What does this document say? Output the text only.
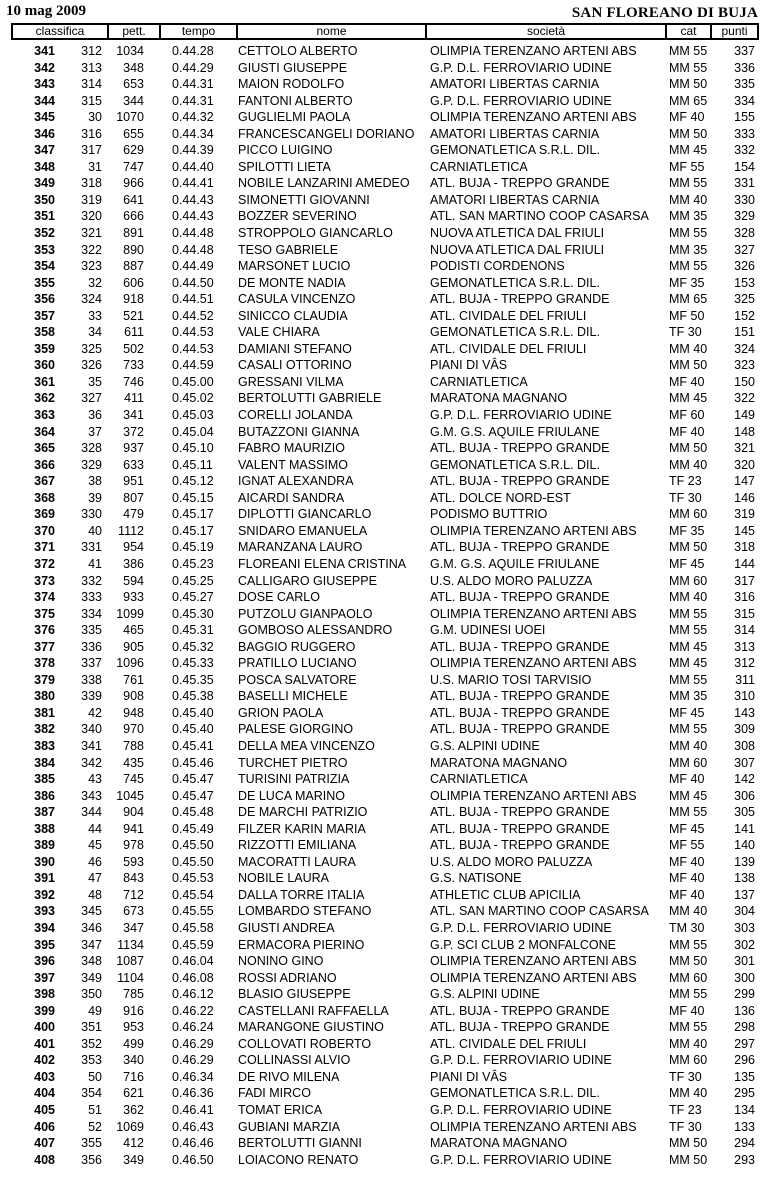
10 mag 2009	SAN FLOREANO DI BUJA
classifica	pett.	tempo	nome	società	cat	punti
341	312	1034 0.44.28	CETTOLO ALBERTO	OLIMPIA TERENZANO ARTENI ABS	MM 55	337
342	313	348 0.44.29	GIUSTI GIUSEPPE	G.P. D.L. FERROVIARIO UDINE	MM 55	336
343	314	653 0.44.31	MAION RODOLFO	AMATORI LIBERTAS CARNIA	MM 50	335
344	315	344 0.44.31	FANTONI ALBERTO	G.P. D.L. FERROVIARIO UDINE	MM 65	334
345	30	1070 0.44.32	GUGLIELMI PAOLA	OLIMPIA TERENZANO ARTENI ABS	MF 40	155
346	316	655 0.44.34	FRANCESCANGELI DORIANO	AMATORI LIBERTAS CARNIA	MM 50	333
347	317	629 0.44.39	PICCO LUIGINO	GEMONATLETICA S.R.L. DIL.	MM 45	332
348	31	747 0.44.40	SPILOTTI LIETA	CARNIATLETICA	MF 55	154
349	318	966 0.44.41	NOBILE LANZARINI AMEDEO	ATL. BUJA - TREPPO GRANDE	MM 55	331
350	319	641 0.44.43	SIMONETTI GIOVANNI	AMATORI LIBERTAS CARNIA	MM 40	330
351	320	666 0.44.43	BOZZER SEVERINO	ATL. SAN MARTINO COOP CASARSA	MM 35	329
352	321	891 0.44.48	STROPPOLO GIANCARLO	NUOVA ATLETICA DAL FRIULI	MM 55	328
353	322	890 0.44.48	TESO GABRIELE	NUOVA ATLETICA DAL FRIULI	MM 35	327
354	323	887 0.44.49	MARSONET LUCIO	PODISTI CORDENONS	MM 55	326
355	32	606 0.44.50	DE MONTE NADIA	GEMONATLETICA S.R.L. DIL.	MF 35	153
356	324	918 0.44.51	CASULA VINCENZO	ATL. BUJA - TREPPO GRANDE	MM 65	325
357	33	521 0.44.52	SINICCO CLAUDIA	ATL. CIVIDALE DEL FRIULI	MF 50	152
358	34	611 0.44.53	VALE CHIARA	GEMONATLETICA S.R.L. DIL.	TF 30	151
359	325	502 0.44.53	DAMIANI STEFANO	ATL. CIVIDALE DEL FRIULI	MM 40	324
360	326	733 0.44.59	CASALI OTTORINO	PIANI DI VÂS	MM 50	323
361	35	746 0.45.00	GRESSANI VILMA	CARNIATLETICA	MF 40	150
362	327	411 0.45.02	BERTOLUTTI GABRIELE	MARATONA MAGNANO	MM 45	322
363	36	341 0.45.03	CORELLI JOLANDA	G.P. D.L. FERROVIARIO UDINE	MF 60	149
364	37	372 0.45.04	BUTAZZONI GIANNA	G.M. G.S. AQUILE FRIULANE	MF 40	148
365	328	937 0.45.10	FABRO MAURIZIO	ATL. BUJA - TREPPO GRANDE	MM 50	321
366	329	633 0.45.11	VALENT MASSIMO	GEMONATLETICA S.R.L. DIL.	MM 40	320
367	38	951 0.45.12	IGNAT ALEXANDRA	ATL. BUJA - TREPPO GRANDE	TF 23	147
368	39	807 0.45.15	AICARDI SANDRA	ATL. DOLCE NORD-EST	TF 30	146
369	330	479 0.45.17	DIPLOTTI GIANCARLO	PODISMO BUTTRIO	MM 60	319
370	40	1112 0.45.17	SNIDARO EMANUELA	OLIMPIA TERENZANO ARTENI ABS	MF 35	145
371	331	954 0.45.19	MARANZANA LAURO	ATL. BUJA - TREPPO GRANDE	MM 50	318
372	41	386 0.45.23	FLOREANI ELENA CRISTINA	G.M. G.S. AQUILE FRIULANE	MF 45	144
373	332	594 0.45.25	CALLIGARO GIUSEPPE	U.S. ALDO MORO PALUZZA	MM 60	317
374	333	933 0.45.27	DOSE CARLO	ATL. BUJA - TREPPO GRANDE	MM 40	316
375	334	1099 0.45.30	PUTZOLU GIANPAOLO	OLIMPIA TERENZANO ARTENI ABS	MM 55	315
376	335	465 0.45.31	GOMBOSO ALESSANDRO	G.M. UDINESI UOEI	MM 55	314
377	336	905 0.45.32	BAGGIO RUGGERO	ATL. BUJA - TREPPO GRANDE	MM 45	313
378	337	1096 0.45.33	PRATILLO LUCIANO	OLIMPIA TERENZANO ARTENI ABS	MM 45	312
379	338	761 0.45.35	POSCA SALVATORE	U.S. MARIO TOSI TARVISIO	MM 55	311
380	339	908 0.45.38	BASELLI MICHELE	ATL. BUJA - TREPPO GRANDE	MM 35	310
381	42	948 0.45.40	GRION PAOLA	ATL. BUJA - TREPPO GRANDE	MF 45	143
382	340	970 0.45.40	PALESE GIORGINO	ATL. BUJA - TREPPO GRANDE	MM 55	309
383	341	788 0.45.41	DELLA MEA VINCENZO	G.S. ALPINI UDINE	MM 40	308
384	342	435 0.45.46	TURCHET PIETRO	MARATONA MAGNANO	MM 60	307
385	43	745 0.45.47	TURISINI PATRIZIA	CARNIATLETICA	MF 40	142
386	343	1045 0.45.47	DE LUCA MARINO	OLIMPIA TERENZANO ARTENI ABS	MM 45	306
387	344	904 0.45.48	DE MARCHI PATRIZIO	ATL. BUJA - TREPPO GRANDE	MM 55	305
388	44	941 0.45.49	FILZER KARIN MARIA	ATL. BUJA - TREPPO GRANDE	MF 45	141
389	45	978 0.45.50	RIZZOTTI EMILIANA	ATL. BUJA - TREPPO GRANDE	MF 55	140
390	46	593 0.45.50	MACORATTI LAURA	U.S. ALDO MORO PALUZZA	MF 40	139
391	47	843 0.45.53	NOBILE LAURA	G.S. NATISONE	MF 40	138
392	48	712 0.45.54	DALLA TORRE ITALIA	ATHLETIC CLUB APICILIA	MF 40	137
393	345	673 0.45.55	LOMBARDO STEFANO	ATL. SAN MARTINO COOP CASARSA	MM 40	304
394	346	347 0.45.58	GIUSTI ANDREA	G.P. D.L. FERROVIARIO UDINE	TM 30	303
395	347	1134 0.45.59	ERMACORA PIERINO	G.P. SCI CLUB 2 MONFALCONE	MM 55	302
396	348	1087 0.46.04	NONINO GINO	OLIMPIA TERENZANO ARTENI ABS	MM 50	301
397	349	1104 0.46.08	ROSSI ADRIANO	OLIMPIA TERENZANO ARTENI ABS	MM 60	300
398	350	785 0.46.12	BLASIO GIUSEPPE	G.S. ALPINI UDINE	MM 55	299
399	49	916 0.46.22	CASTELLANI RAFFAELLA	ATL. BUJA - TREPPO GRANDE	MF 40	136
400	351	953 0.46.24	MARANGONE GIUSTINO	ATL. BUJA - TREPPO GRANDE	MM 55	298
401	352	499 0.46.29	COLLOVATI ROBERTO	ATL. CIVIDALE DEL FRIULI	MM 40	297
402	353	340 0.46.29	COLLINASSI ALVIO	G.P. D.L. FERROVIARIO UDINE	MM 60	296
403	50	716 0.46.34	DE RIVO MILENA	PIANI DI VÂS	TF 30	135
404	354	621 0.46.36	FADI MIRCO	GEMONATLETICA S.R.L. DIL.	MM 40	295
405	51	362 0.46.41	TOMAT ERICA	G.P. D.L. FERROVIARIO UDINE	TF 23	134
406	52	1069 0.46.43	GUBIANI MARZIA	OLIMPIA TERENZANO ARTENI ABS	TF 30	133
407	355	412 0.46.46	BERTOLUTTI GIANNI	MARATONA MAGNANO	MM 50	294
408	356	349 0.46.50	LOIACONO RENATO	G.P. D.L. FERROVIARIO UDINE	MM 50	293
